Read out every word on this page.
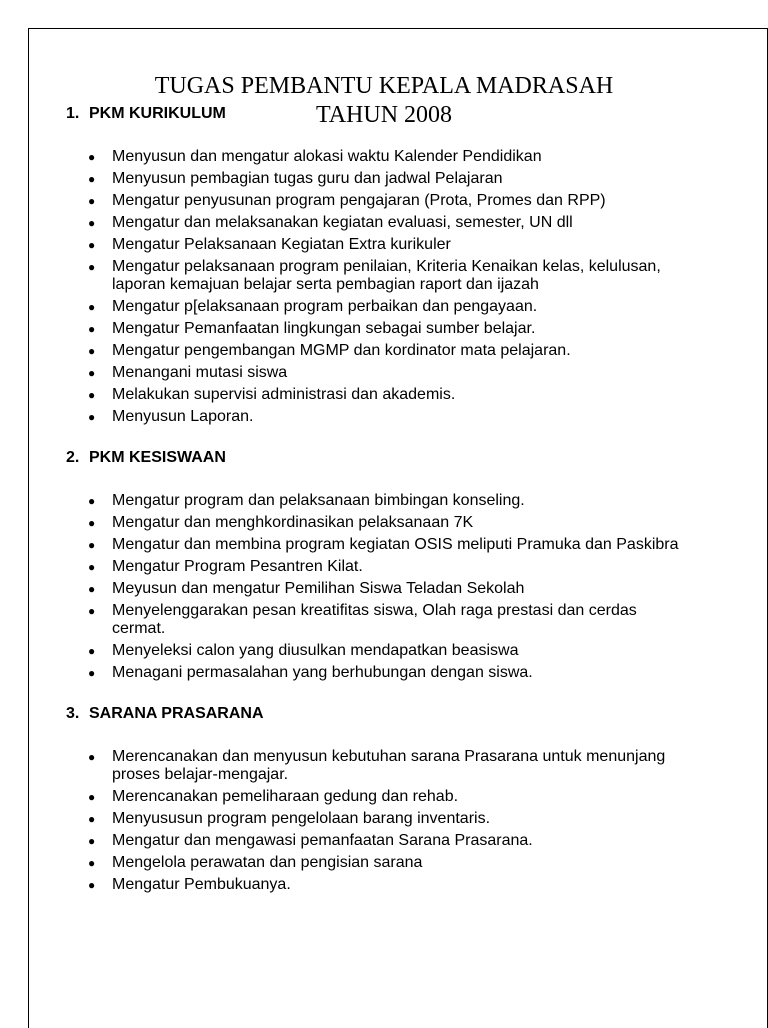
TUGAS PEMBANTU KEPALA MADRASAH
TAHUN 2008
1. PKM KURIKULUM
● Menyusun dan mengatur alokasi waktu Kalender Pendidikan
● Menyusun pembagian tugas guru dan jadwal Pelajaran
● Mengatur penyusunan program pengajaran (Prota, Promes dan RPP)
● Mengatur dan melaksanakan kegiatan evaluasi, semester, UN dll
● Mengatur Pelaksanaan Kegiatan Extra kurikuler
● Mengatur pelaksanaan program penilaian, Kriteria Kenaikan kelas, kelulusan, laporan kemajuan belajar serta pembagian raport dan ijazah
● Mengatur p[elaksanaan program perbaikan dan pengayaan.
● Mengatur Pemanfaatan lingkungan sebagai sumber belajar.
● Mengatur pengembangan MGMP dan kordinator mata pelajaran.
● Menangani mutasi siswa
● Melakukan supervisi administrasi dan akademis.
● Menyusun Laporan.
2. PKM KESISWAAN
● Mengatur program dan pelaksanaan bimbingan konseling.
● Mengatur dan menghkordinasikan pelaksanaan 7K
● Mengatur dan membina program kegiatan OSIS meliputi Pramuka dan Paskibra
● Mengatur Program Pesantren Kilat.
● Meyusun dan mengatur Pemilihan Siswa Teladan Sekolah
● Menyelenggarakan pesan kreatifitas siswa, Olah raga prestasi dan cerdas cermat.
● Menyeleksi calon yang diusulkan mendapatkan beasiswa
● Menagani permasalahan yang berhubungan dengan siswa.
3. SARANA PRASARANA
● Merencanakan dan menyusun kebutuhan sarana Prasarana untuk menunjang proses belajar-mengajar.
● Merencanakan pemeliharaan gedung dan rehab.
● Menyususun program pengelolaan barang inventaris.
● Mengatur dan mengawasi pemanfaatan Sarana Prasarana.
● Mengelola perawatan dan pengisian sarana
● Mengatur Pembukuanya.
